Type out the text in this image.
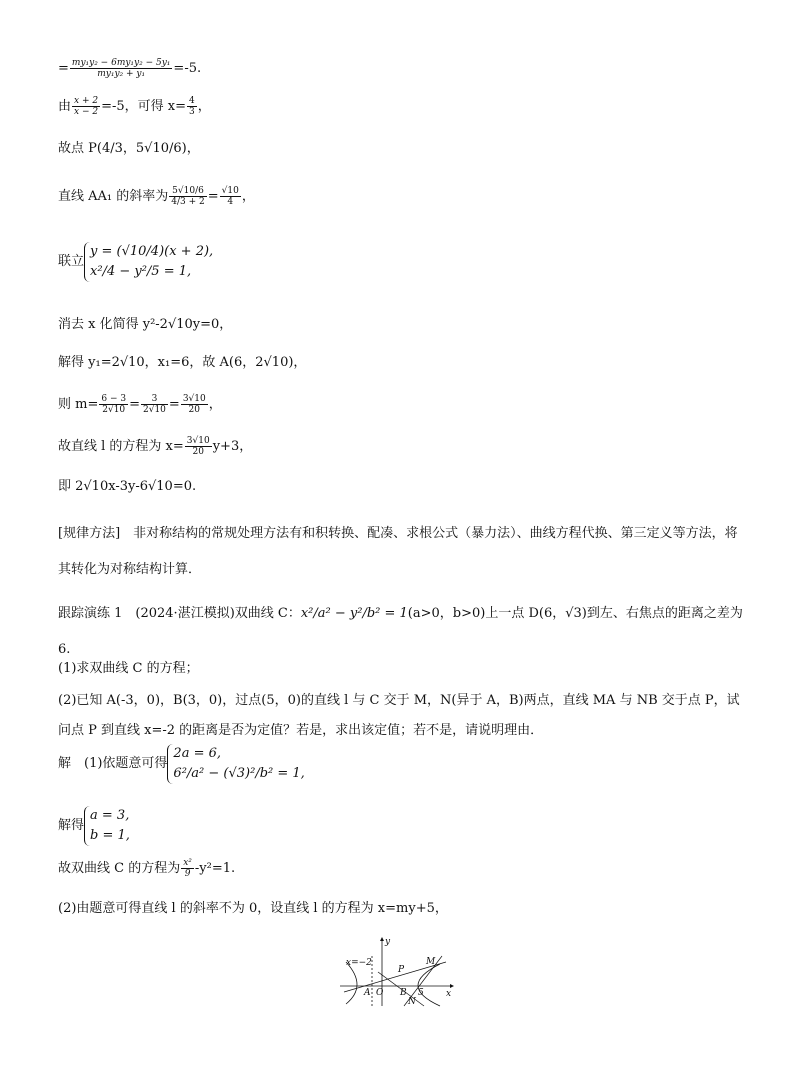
= $\frac{\text{my₁y₂ − 6my₁y₂ − 5y₁}}{\text{my₁y₂ + y₁}} =-5$.
由 $\frac{x + 2}{x - 2} =-5$，可得 $x= \frac{4}{3}$ ，
故点 P(4/3，5√10/6)，
直线 AA₁ 的斜率为 $\frac{5√10/6}{4/3 + 2} = \frac{√10}{4}$ ，
联立
y = (√10/4)(x + 2),
x²/4 − y²/5 = 1,
消去 x 化简得 y²-2√10y=0，
解得 y₁=2√10，x₁=6，故 A(6，2√10)，
则 $m= \frac{6 - 3}{2√10} = \frac{3}{2√10} = \frac{3√10}{20}$ ，
故直线 l 的方程为 $x= \frac{3√10}{20} y+3$，
即 2√10x-3y-6√10=0.
[规律方法]　非对称结构的常规处理方法有和积转换、配凑、求根公式（暴力法）、曲线方程代换、第三定义等方法，将其转化为对称结构计算．
跟踪演练 1　(2024·湛江模拟)双曲线 C：x²/a² − y²/b² = 1(a>0，b>0)上一点 D(6，√3)到左、右焦点的距离之差为 6.
(1)求双曲线 C 的方程；
(2)已知 A(-3，0)，B(3，0)，过点(5，0)的直线 l 与 C 交于 M，N(异于 A，B)两点，直线 MA 与 NB 交于点 P，试问点 P 到直线 x=-2 的距离是否为定值？若是，求出该定值；若不是，请说明理由．
解　(1)依题意可得
2a = 6,
6²/a² − (√3)²/b² = 1,
解得
a = 3,
b = 1,
故双曲线 C 的方程为 $\frac{\text{x²}}{9} -y^2=1$.
(2)由题意可得直线 l 的斜率不为 0，设直线 l 的方程为 x=my+5，
x=−2
y
x
P
M
A O B 5
N
